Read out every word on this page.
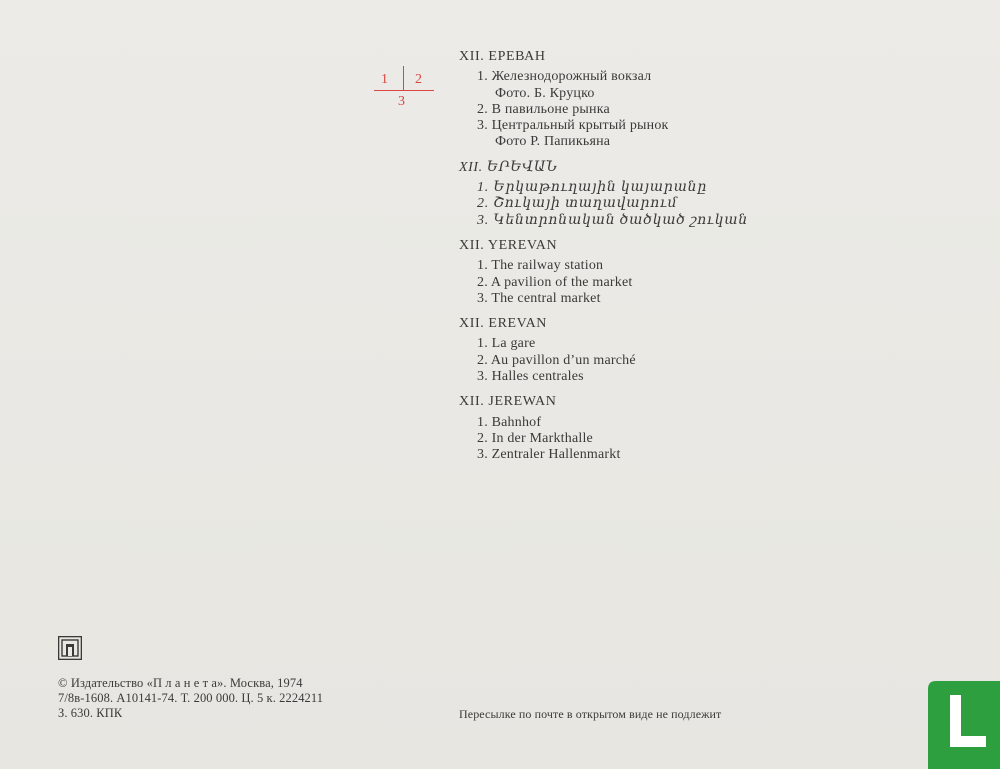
1 2
3
XII. ЕРЕВАН
1. Железнодорожный вокзал
Фото. Б. Круцко
2. В павильоне рынка
3. Центральный крытый рынок
Фото Р. Папикьяна
XII. ԵՐԵՎԱՆ
1. Երկաթուղային կայարանը
2. Շուկայի տաղավարում
3. Կենտրոնական ծածկած շուկան
XII. YEREVAN
1. The railway station
2. A pavilion of the market
3. The central market
XII. EREVAN
1. La gare
2. Au pavillon d’un marché
3. Halles centrales
XII. JEREWAN
1. Bahnhof
2. In der Markthalle
3. Zentraler Hallenmarkt
© Издательство «П л а н е т а». Москва, 1974
7/8в-1608. А10141-74. Т. 200 000. Ц. 5 к. 2224211
З. 630. КПК	Пересылке по почте в открытом виде не подлежит
